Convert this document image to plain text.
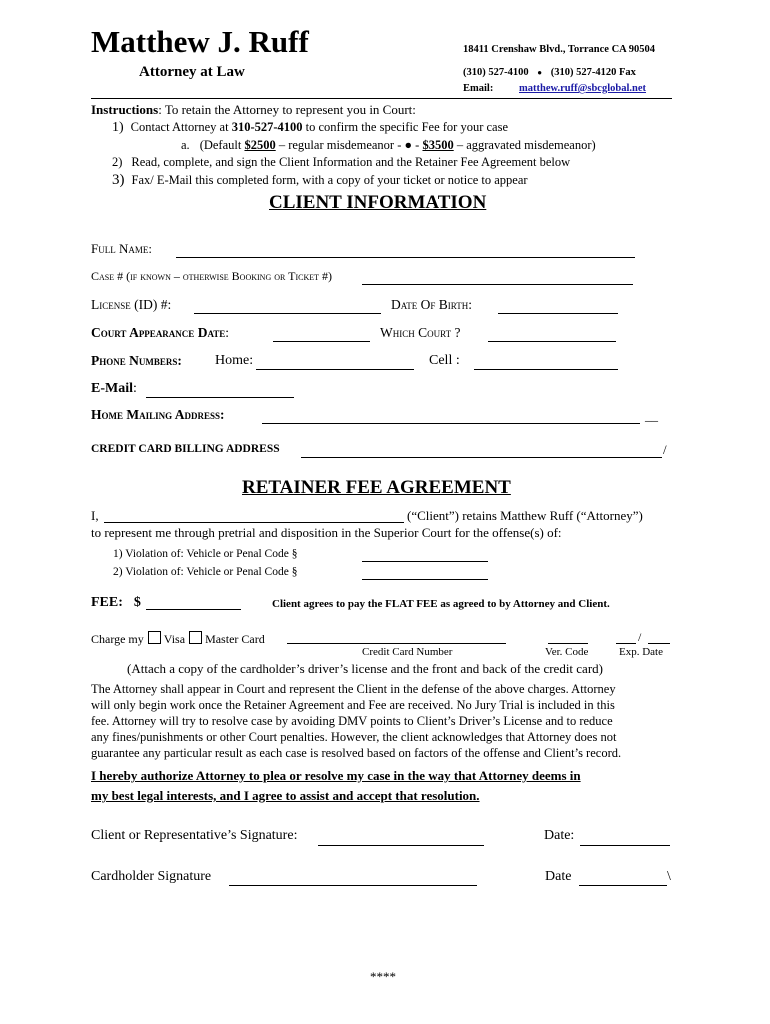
Matthew J. Ruff
Attorney at Law
18411 Crenshaw Blvd., Torrance CA 90504
(310) 527-4100 ● (310) 527-4120 Fax
Email: matthew.ruff@sbcglobal.net
Instructions: To retain the Attorney to represent you in Court:
1) Contact Attorney at 310-527-4100 to confirm the specific Fee for your case
a. (Default $2500 – regular misdemeanor - ● - $3500 – aggravated misdemeanor)
2) Read, complete, and sign the Client Information and the Retainer Fee Agreement below
3) Fax/ E-Mail this completed form, with a copy of your ticket or notice to appear
CLIENT INFORMATION
Full Name:
Case # (if known – otherwise Booking or Ticket #)
License (ID) #:	Date Of Birth:
Court Appearance Date:	Which Court ?
Phone Numbers: Home:	Cell :
E-Mail:
Home Mailing Address:	__
CREDIT CARD BILLING ADDRESS	/
RETAINER FEE AGREEMENT
I,	(“Client”) retains Matthew Ruff (“Attorney”)
to represent me through pretrial and disposition in the Superior Court for the offense(s) of:
1) Violation of: Vehicle or Penal Code §
2) Violation of: Vehicle or Penal Code §
FEE: $	Client agrees to pay the FLAT FEE as agreed to by Attorney and Client.
Charge my Visa Master Card	/
Credit Card Number	Ver. Code	Exp. Date
(Attach a copy of the cardholder’s driver’s license and the front and back of the credit card)
The Attorney shall appear in Court and represent the Client in the defense of the above charges. Attorney
will only begin work once the Retainer Agreement and Fee are received. No Jury Trial is included in this
fee. Attorney will try to resolve case by avoiding DMV points to Client’s Driver’s License and to reduce
any fines/punishments or other Court penalties. However, the client acknowledges that Attorney does not
guarantee any particular result as each case is resolved based on factors of the offense and Client’s record.
I hereby authorize Attorney to plea or resolve my case in the way that Attorney deems in
my best legal interests, and I agree to assist and accept that resolution.
Client or Representative’s Signature:	Date:
Cardholder Signature	Date	\
****
